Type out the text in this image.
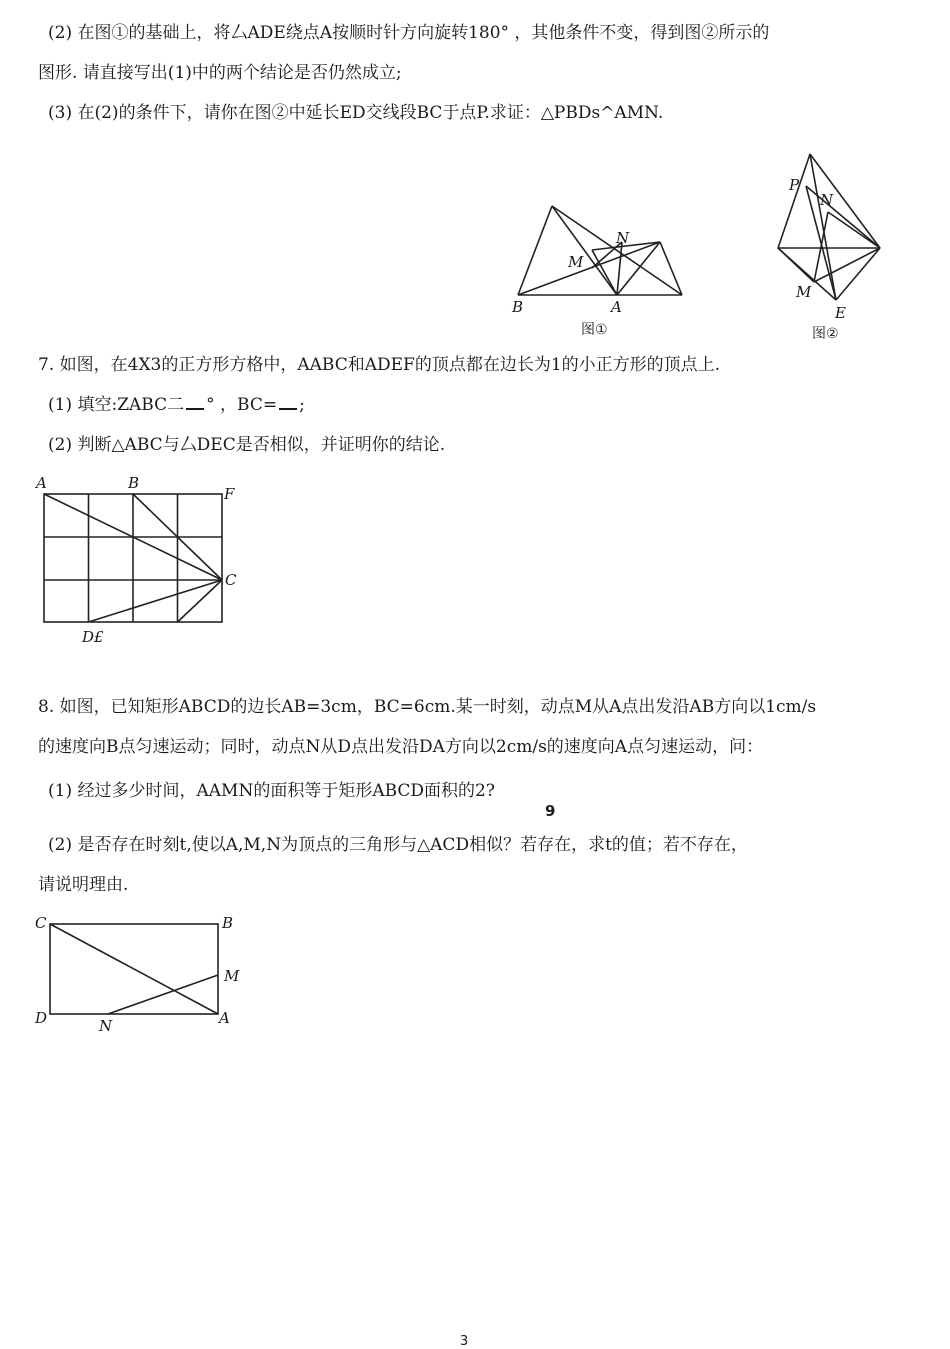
(2) 在图①的基础上，将厶ADE绕点A按顺时针方向旋转180° ，其他条件不变，得到图②所示的
图形. 请直接写出(1)中的两个结论是否仍然成立;
(3) 在(2)的条件下，请你在图②中延长ED交线段BC于点P.求证：△PBDs^AMN.
B	A
M
N
图①
P
N
M
E
图②
7. 如图，在4X3的正方形方格中，AABC和ADEF的顶点都在边长为1的小正方形的顶点上.
(1) 填空:ZABC二 ° ，BC= ;
(2) 判断△ABC与厶DEC是否相似，并证明你的结论.
A	B
F
C
D£
8. 如图，已知矩形ABCD的边长AB=3cm，BC=6cm.某一时刻，动点M从A点出发沿AB方向以1cm/s
的速度向B点匀速运动；同时，动点N从D点出发沿DA方向以2cm/s的速度向A点匀速运动，问：
(1) 经过多少时间，AAMN的面积等于矩形ABCD面积的2?
9
(2) 是否存在时刻t,使以A,M,N为顶点的三角形与△ACD相似？若存在，求t的值；若不存在，
请说明理由.
C	B
M
D	N	A
3
